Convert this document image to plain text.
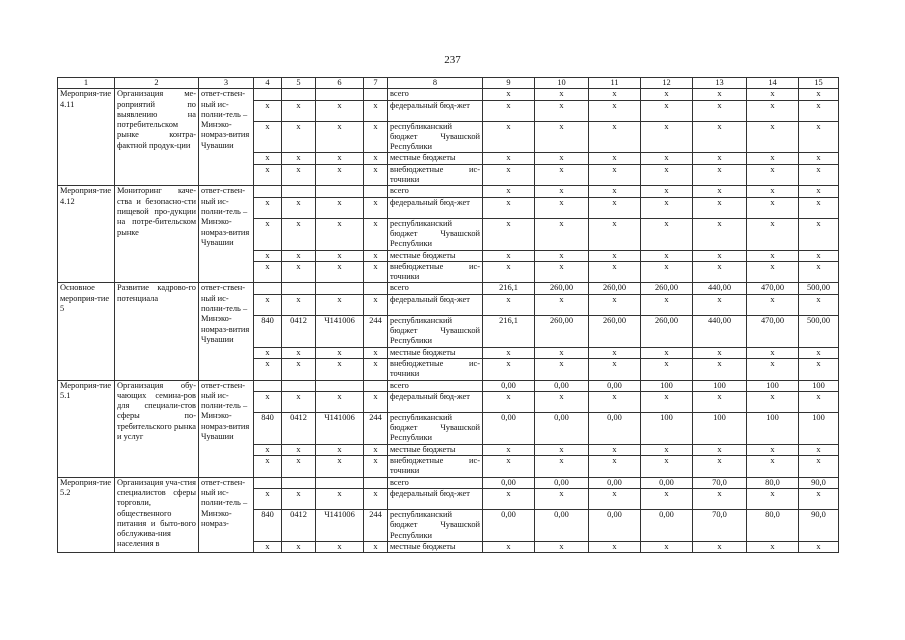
237
1	2	3	4	5	6	7	8	9	10	11	12	13	14	15
Мероприя-тие 4.11	Организация ме-роприятий по выявлению на потребительском рынке контра-фактной продук-ции	ответ-ствен-ный ис-полни-тель – Минэко-номраз-вития Чувашии					всего	x	x	x	x	x	x	x
			x	x	x	x	федеральный бюд-жет	x	x	x	x	x	x	x
			x	x	x	x	республиканский бюджет Чувашской Республики	x	x	x	x	x	x	x
			x	x	x	x	местные бюджеты	x	x	x	x	x	x	x
			x	x	x	x	внебюджетные ис-точники	x	x	x	x	x	x	x
Мероприя-тие 4.12	Мониторинг каче-ства и безопасно-сти пищевой про-дукции на потре-бительском рынке	ответ-ствен-ный ис-полни-тель – Минэко-номраз-вития Чувашии					всего	x	x	x	x	x	x	x
			x	x	x	x	федеральный бюд-жет	x	x	x	x	x	x	x
			x	x	x	x	республиканский бюджет Чувашской Республики	x	x	x	x	x	x	x
			x	x	x	x	местные бюджеты	x	x	x	x	x	x	x
			x	x	x	x	внебюджетные ис-точники	x	x	x	x	x	x	x
Основное мероприя-тие 5	Развитие кадрово-го потенциала	ответ-ствен-ный ис-полни-тель – Минэко-номраз-вития Чувашии					всего	216,1	260,00	260,00	260,00	440,00	470,00	500,00
			x	x	x	x	федеральный бюд-жет	x	x	x	x	x	x	x
			840	0412	Ч141006	244	республиканский бюджет Чувашской Республики	216,1	260,00	260,00	260,00	440,00	470,00	500,00
			x	x	x	x	местные бюджеты	x	x	x	x	x	x	x
			x	x	x	x	внебюджетные ис-точники	x	x	x	x	x	x	x
Мероприя-тие 5.1	Организация обу-чающих семина-ров для специали-стов сферы по-требительского рынка и услуг	ответ-ствен-ный ис-полни-тель – Минэко-номраз-вития Чувашии					всего	0,00	0,00	0,00	100	100	100	100
			x	x	x	x	федеральный бюд-жет	x	x	x	x	x	x	x
			840	0412	Ч141006	244	республиканский бюджет Чувашской Республики	0,00	0,00	0,00	100	100	100	100
			x	x	x	x	местные бюджеты	x	x	x	x	x	x	x
			x	x	x	x	внебюджетные ис-точники	x	x	x	x	x	x	x
Мероприя-тие 5.2	Организация уча-стия специалистов сферы торговли, общественного питания и быто-вого обслужива-ния населения в	ответ-ствен-ный ис-полни-тель – Минэко-номраз-					всего	0,00	0,00	0,00	0,00	70,0	80,0	90,0
			x	x	x	x	федеральный бюд-жет	x	x	x	x	x	x	x
			840	0412	Ч141006	244	республиканский бюджет Чувашской Республики	0,00	0,00	0,00	0,00	70,0	80,0	90,0
			x	x	x	x	местные бюджеты	x	x	x	x	x	x	x
